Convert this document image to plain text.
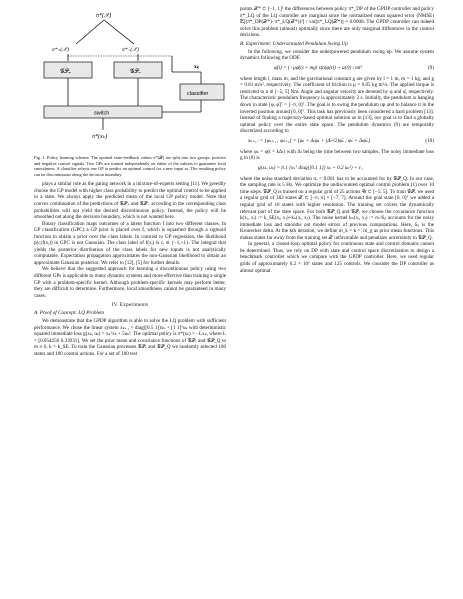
π*(𝒳)
π*₊(𝒳)	π*₋(𝒳)
𝒢𝒫₊	𝒢𝒫₋
classifier
xₖ
switch
π*(xₖ)
Fig. 1. Policy learning scheme. The optimal state-feedback values π*(𝒳) are split into two groups: positive and negative control signals. Two GPs are trained independently on either of the subsets to guarantee local smoothness. A classifier selects one GP to predict an optimal control for a new input xₖ. The resulting policy can be discontinuous along the decision boundary.

plays a similar role as the gating network in a mixture-of-experts setting [11]. We greedily choose the GP model with higher class probability to predict the optimal control to be applied in a state. We always apply the predicted mean of the local GP policy model. Note that convex combination of the predictions of 𝒢𝒫₊ and 𝒢𝒫₋ according to the corresponding class probabilities will not yield the desired discontinuous policy. Instead, the policy will be smoothed out along the decision boundary, which is not wanted here.

Binary classification maps outcomes of a latent function f into two different classes. In GP classification (GPC) a GP prior is placed over f, which is squashed through a sigmoid function to obtain a prior over the class labels. In contrast to GP regression, the likelihood p(cᵢ|f(xᵢ)) in GPC is not Gaussian. The class label of f(xᵢ) is cᵢ ∈ {−1,+1}. The integral that yields the posterior distribution of the class labels for new inputs is not analytically computable. Expectation propagation approximates the non-Gaussian likelihood to obtain an approximate Gaussian posterior. We refer to [12], [5] for further details.

We believe that the suggested approach for learning a discontinuous policy using two different GPs is applicable to many dynamic systems and more effective than training a single GP with a problem-specific kernel. Although problem-specific kernels may perform better, they are difficult to determine. Furthermore, local smoothness cannot be guaranteed in many cases.

IV. Experiments
A. Proof of Concept: LQ Problem

We demonstrate that the GPDP algorithm is able to solve the LQ problem with sufficient performance. We chose the linear system xₖ₊₁ = diag([0.5 1])xₖ + [1 1]ᵀuₖ with deterministic squared immediate loss g(xₖ, uₖ) = xₖᵀxₖ + 5uₖ². The optimal policy is π*(xₖ) = −Lxₖ, where L = [0.054250 0.33931]. We set the prior mean and covariance functions of 𝒢𝒫ᵥ and 𝒢𝒫_Q to m ≡ 0, k = k_SE. To train the Gaussian processes 𝒢𝒫ᵥ and 𝒢𝒫_Q we randomly selected 100 states and 100 control actions. For a set of 100 test

points 𝒳* ⊂ [−1, 1]² the differences between policy π*_DP of the GPDP controller and policy π*_LQ of the LQ controller are marginal since the normalized mean squared error (NMSE) 𝔼[(π*_DP(𝒳*)−π*_LQ(𝒳*))²] / var[π*_LQ(𝒳*)] ≈ 0.0008. The GPDP controller can indeed solve this problem (almost) optimally since there are only marginal differences in the control decisions.

B. Experiment: Underactuated Pendulum Swing Up

In the following, we consider the underpowered pendulum swing up. We assume system dynamics following the ODE

φ̈(t) = (−μφ̇(t) + mgl sin(φ(t)) + u(t)) / ml²	(9)

where length l, mass m, and the gravitational constant g are given by l = 1 m, m = 1 kg, and g = 9.81 m/s², respectively. The coefficient of friction is μ = 0.05 kg m²/s. The applied torque is restricted to u ∈ [−5, 5] Nm. Angle and angular velocity are denoted by φ and φ̇, respectively. The characteristic pendulum frequency is approximately 2 s. Initially, the pendulum is hanging down in state [φ, φ̇]ᵀ = [−π, 0]ᵀ. The goal is to swing the pendulum up and to balance it in the inverted position around [0, 0]ᵀ. This task has previously been considered a hard problem [13]. Instead of finding a trajectory-based optimal solution as in [13], our goal is to find a globally optimal policy over the entire state space. The pendulum dynamics (9) are temporally discretized according to

xₖ₊₁ := [φₖ₊₁ ; φ̇ₖ₊₁] = [φₖ + Δₜφ̇ₖ + (Δₜ²/2)φ̈ₖ ; φ̇ₖ + Δₜφ̈ₖ]	(10)

where φₖ = φ(t = kΔₜ) with Δₜ being the time between two samples. The noisy immediate loss g in (8) is

g(xₖ, uₖ) = 0.1 (xₖᵀ diag([0.1 1]) xₖ + 0.2 uₖ²) + ε ,

where the noise standard deviation σₑ = 0.001 has to be accounted for by 𝒢𝒫_Q. In our case, the sampling rate is 5 Hz. We optimize the undiscounted optimal control problem (1) over 10 time steps. 𝒢𝒫_Q is trained on a regular grid of 25 actions 𝒰 ⊂ [−5, 5]. To train 𝒢𝒫ᵥ we used a regular grid of 382 states 𝒳 ⊂ [−π, π] × [−7, 7]. Around the goal state [0, 0]ᵀ we added a regular grid of 16 states with higher resolution. The training set covers the dynamically relevant part of the state space. For both 𝒢𝒫_Q and 𝒢𝒫ᵥ we choose the covariance function k(xᵢ, xⱼ) := k_SE(xᵢ, xⱼ)+kₙ(xᵢ, xⱼ). The noise kernel kₙ(xᵢ, xⱼ) := σₙ²δᵢⱼ accounts for the noisy immediate loss and smooths out model errors of previous computations. Here, δᵢⱼ is the Kronecker delta. At the kth iteration, we define m_k = k =: m_g as prior mean functions. This makes states far away from the training set 𝒳 unfavorable and penalizes uncertainty in 𝒢𝒫_Q.

In general, a closed-loop optimal policy for continuous state and control domains cannot be determined. Thus, we rely on DP with state and control space discretization to design a benchmark controller which we compare with the GPDP controller. Here, we used regular grids of approximately 6.2 × 10⁵ states and 125 controls. We consider the DP controller as almost optimal.
